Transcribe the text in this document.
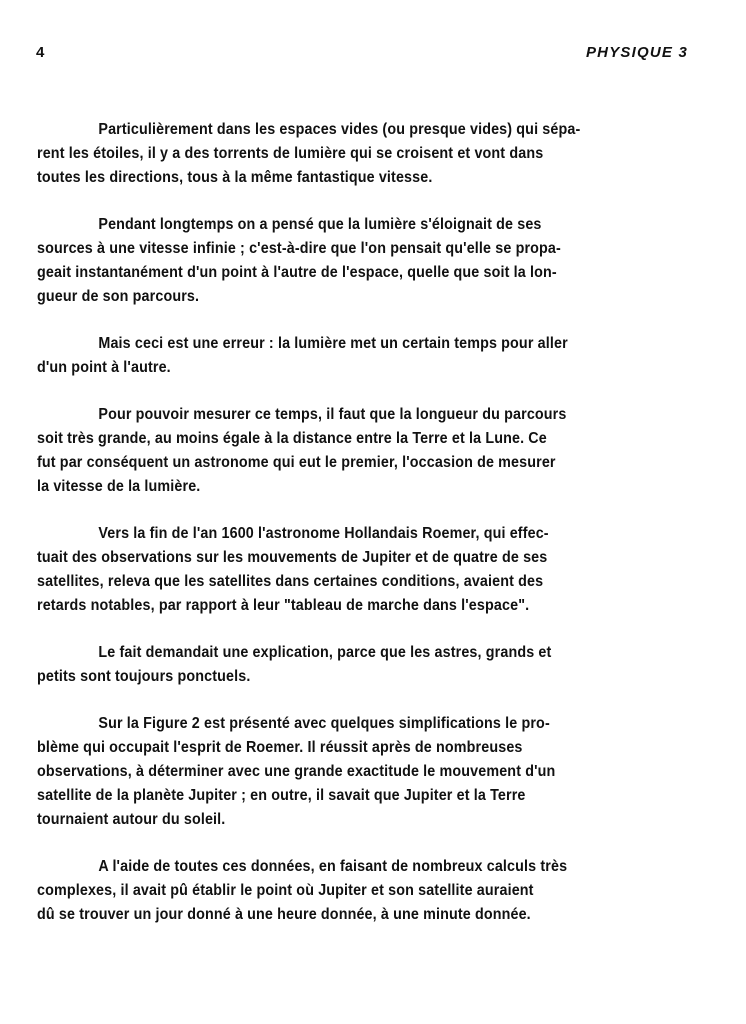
4	PHYSIQUE 3

Particulièrement dans les espaces vides (ou presque vides) qui sépa-
rent les étoiles, il y a des torrents de lumière qui se croisent et vont dans
toutes les directions, tous à la même fantastique vitesse.

Pendant longtemps on a pensé que la lumière s'éloignait de ses
sources à une vitesse infinie ; c'est-à-dire que l'on pensait qu'elle se propa-
geait instantanément d'un point à l'autre de l'espace, quelle que soit la lon-
gueur de son parcours.

Mais ceci est une erreur : la lumière met un certain temps pour aller
d'un point à l'autre.

Pour pouvoir mesurer ce temps, il faut que la longueur du parcours
soit très grande, au moins égale à la distance entre la Terre et la Lune. Ce
fut par conséquent un astronome qui eut le premier, l'occasion de mesurer
la vitesse de la lumière.

Vers la fin de l'an 1600 l'astronome Hollandais Roemer, qui effec-
tuait des observations sur les mouvements de Jupiter et de quatre de ses
satellites, releva que les satellites dans certaines conditions, avaient des
retards notables, par rapport à leur "tableau de marche dans l'espace".

Le fait demandait une explication, parce que les astres, grands et
petits sont toujours ponctuels.

Sur la Figure 2 est présenté avec quelques simplifications le pro-
blème qui occupait l'esprit de Roemer. Il réussit après de nombreuses
observations, à déterminer avec une grande exactitude le mouvement d'un
satellite de la planète Jupiter ; en outre, il savait que Jupiter et la Terre
tournaient autour du soleil.

A l'aide de toutes ces données, en faisant de nombreux calculs très
complexes, il avait pû établir le point où Jupiter et son satellite auraient
dû se trouver un jour donné à une heure donnée, à une minute donnée.
